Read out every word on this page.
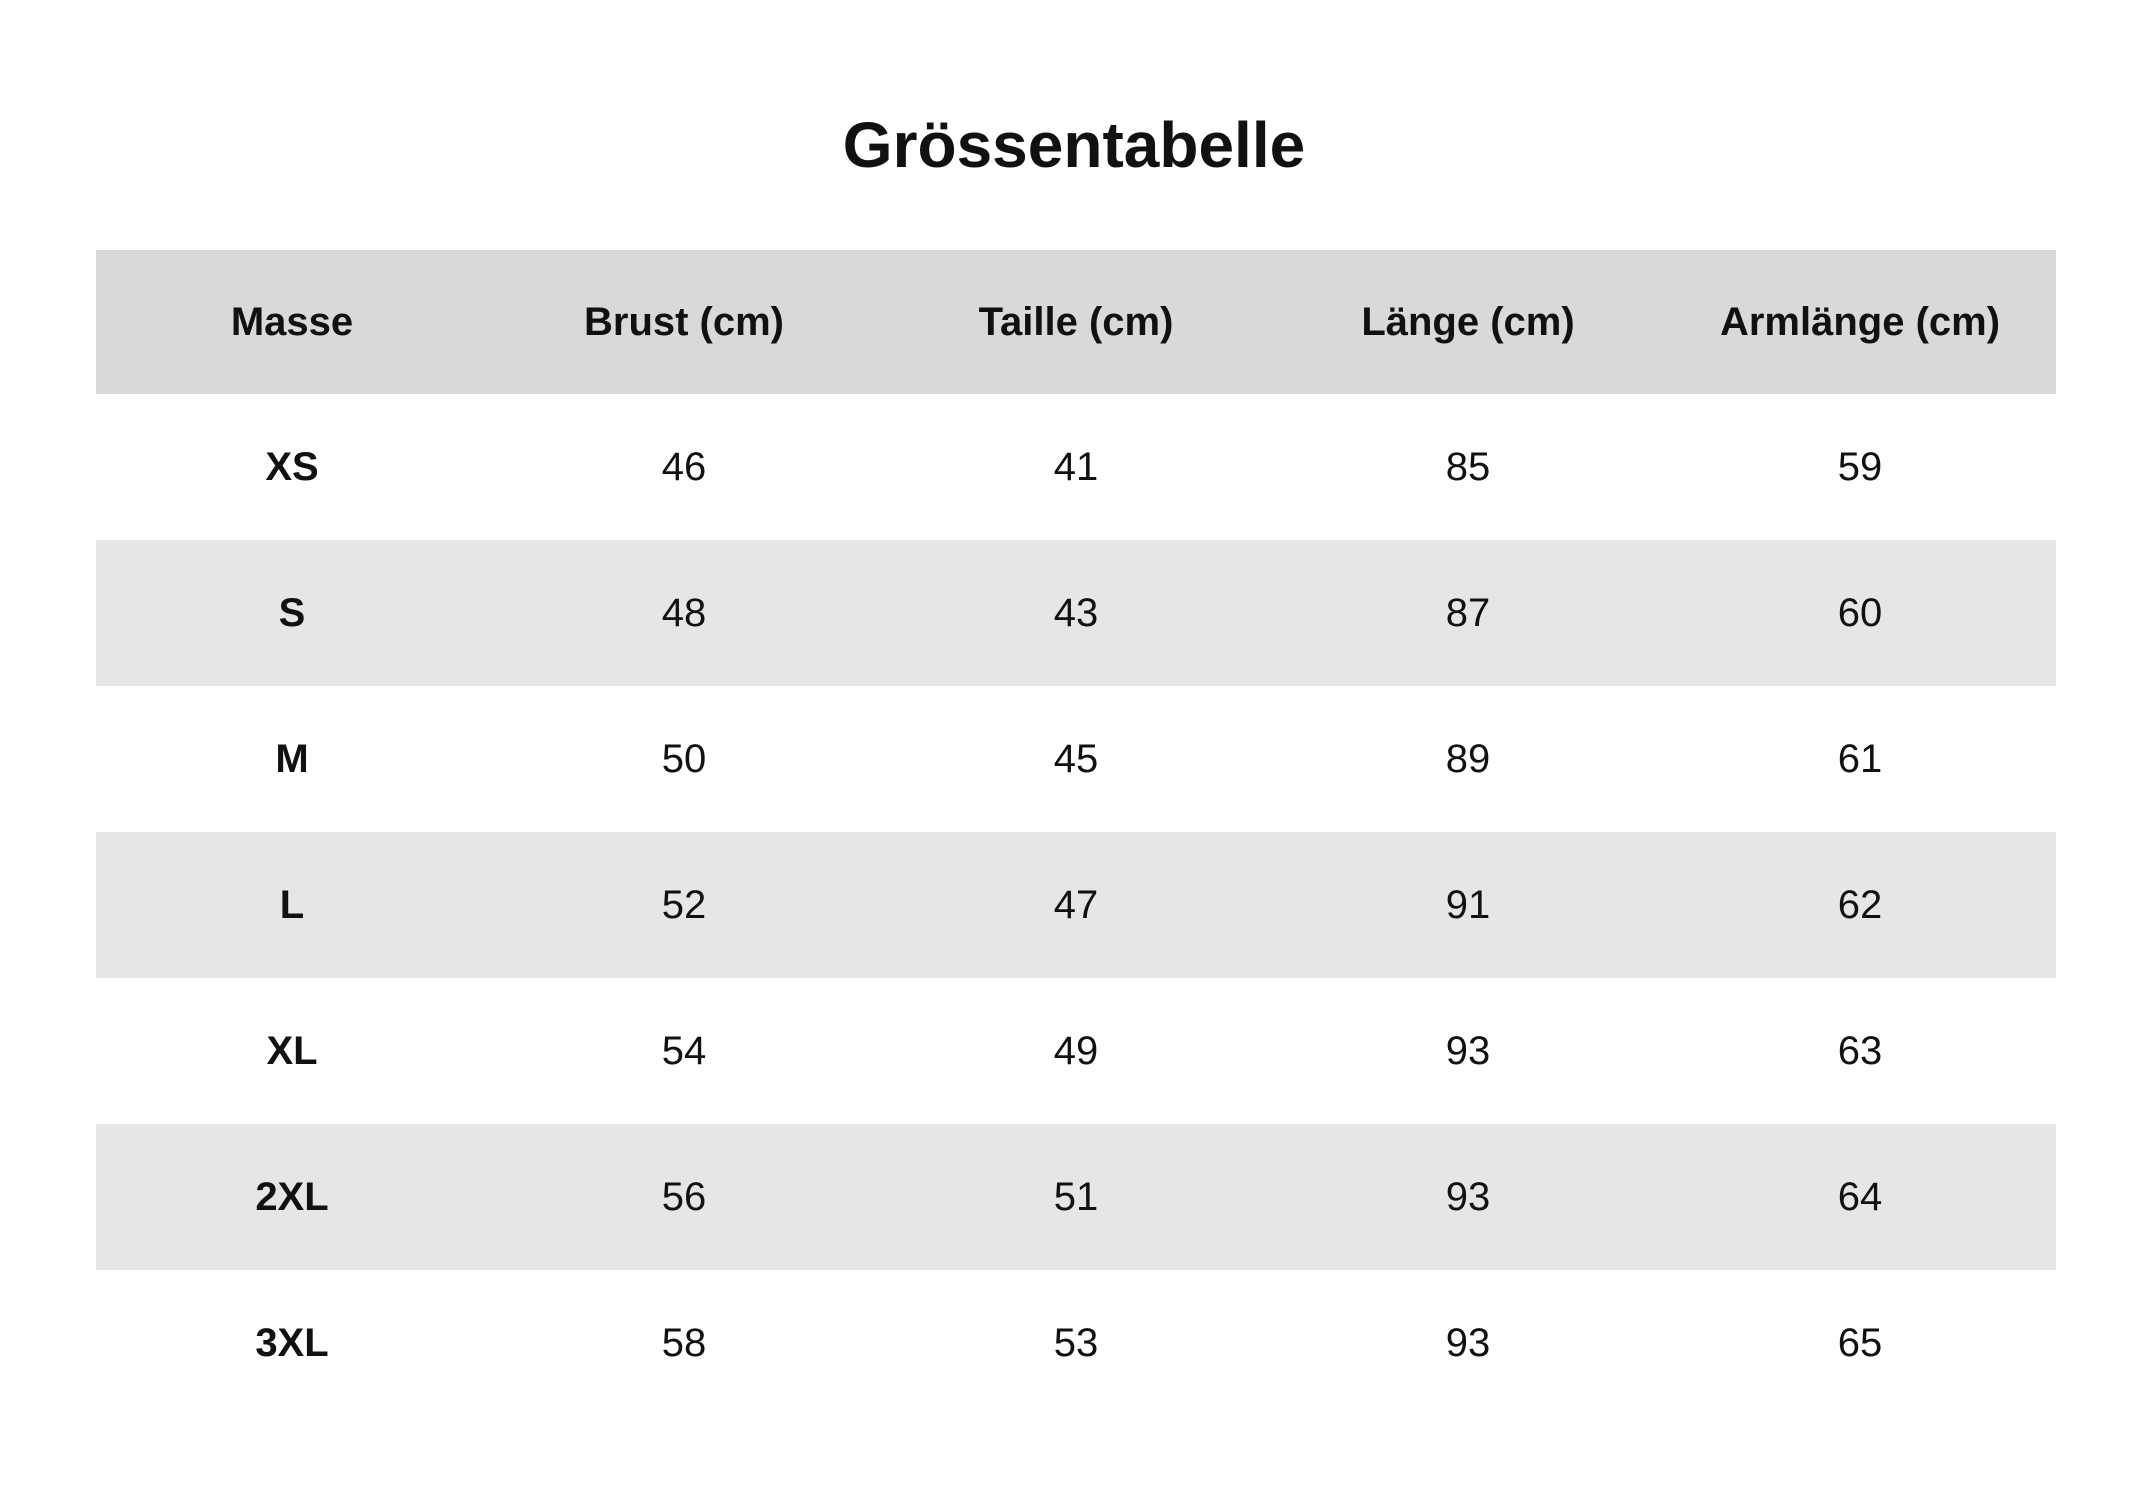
Grössentabelle
Masse	Brust (cm)	Taille (cm)	Länge (cm)	Armlänge (cm)
XS	46	41	85	59
S	48	43	87	60
M	50	45	89	61
L	52	47	91	62
XL	54	49	93	63
2XL	56	51	93	64
3XL	58	53	93	65
